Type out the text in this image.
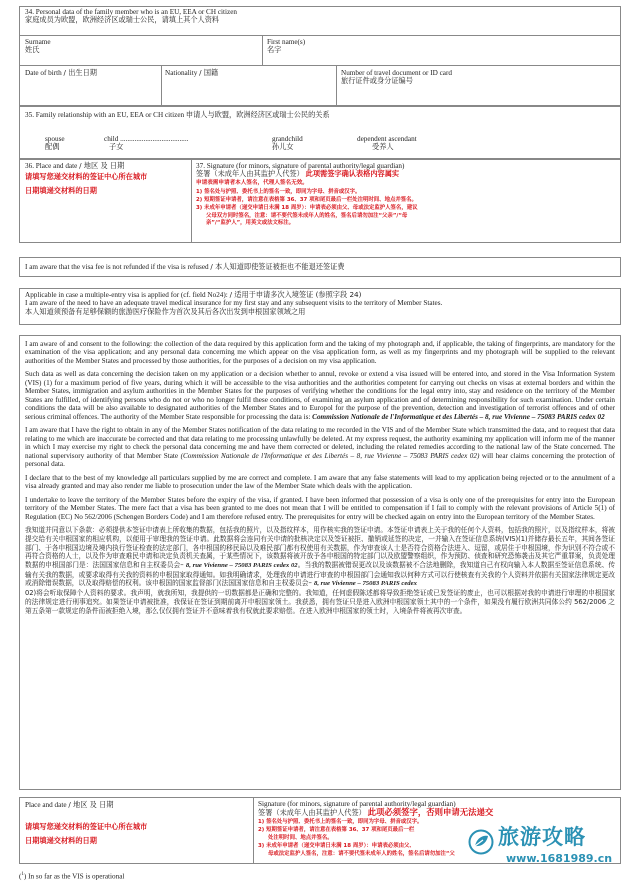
34. Personal data of the family member who is an EU, EEA or CH citizen
家庭成员为欧盟，欧洲经济区或瑞士公民，请填上其个人资料
Surname
姓氏
First name(s)
名字
Date of birth / 出生日期	Nationality / 国籍	Number of travel document or ID card
旅行证件或身分证编号
35. Family relationship with an EU, EEA or CH citizen 申请人与欧盟，欧洲经济区或瑞士公民的关系
spouse
配偶
child ......................................
子女
grandchild
孙儿女
dependent ascendant
受养人
36. Place and date / 地区 及 日期
请填写您递交材料的签证中心所在城市
日期填递交材料的日期
37. Signature (for minors, signature of parental authority/legal guardian)
签署（未成年人由其监护人代签） 此项需签字确认表格内容属实
申请表需申请者本人签名，代理人签名无效。
1) 签名处与护照、委托书上的签名一致，即同为字母、拼音或汉字。
2) 短期签证申请者，请注意在表格第 36、37 项和尾页最后一栏处注明时间、地点并签名。
3) 未成年申请者（递交申请日未满 18 周岁）：申请表必须由父、母或法定监护人签名，建议
父母双方同时签名，注意：请不要代签未成年人的姓名，签名后请勿加注“父亲”/“母
亲”/“监护人”，用英文或法文标注。
I am aware that the visa fee is not refunded if the visa is refused / 本人知道即使签证被拒也不能退还签证费
Applicable in case a multiple-entry visa is applied for (cf. field No24): / 适用于申请多次入境签证 (参照字段 24)
I am aware of the need to have an adequate travel medical insurance for my first stay and any subsequent visits to the territory of Member States.
本人知道须预备有足够保额的旅游医疗保险作为首次及其后各次出发到申根国家领域之用

I am aware of and consent to the following: the collection of the data required by this application form and the taking of my photograph and, if applicable, the taking of fingerprints, are mandatory for the examination of the visa application; and any personal data concerning me which appear on the visa application form, as well as my fingerprints and my photograph will be supplied to the relevant authorities of the Member States and processed by those authorities, for the purposes of a decision on my visa application.

Such data as well as data concerning the decision taken on my application or a decision whether to annul, revoke or extend a visa issued will be entered into, and stored in the Visa Information System (VIS) (1) for a maximum period of five years, during which it will be accessible to the visa authorities and the authorities competent for carrying out checks on visas at external borders and within the Member States, immigration and asylum authorities in the Member States for the purposes of verifying whether the conditions for the legal entry into, stay and residence on the territory of the Member States are fulfilled, of identifying persons who do not or who no longer fulfil these conditions, of examining an asylum application and of determining responsibility for such examination. Under certain conditions the data will be also available to designated authorities of the Member States and to Europol for the purpose of the prevention, detection and investigation of terrorist offences and of other serious criminal offences. The authority of the Member State responsible for processing the data is: Commission Nationale de l'Informatique et des Libertés – 8, rue Vivienne – 75083 PARIS cedex 02

I am aware that I have the right to obtain in any of the Member States notification of the data relating to me recorded in the VIS and of the Member State which transmitted the data, and to request that data relating to me which are inaccurate be corrected and that data relating to me processing unlawfully be deleted. At my express request, the authority examining my application will inform me of the manner in which I may exercise my right to check the personal data concerning me and have them corrected or deleted, including the related remedies according to the national law of the State concerned. The national supervisory authority of that Member State (Commission Nationale de l'Informatique et des Libertés – 8, rue Vivienne – 75083 PARIS cedex 02) will hear claims concerning the protection of personal data.

I declare that to the best of my knowledge all particulars supplied by me are correct and complete. I am aware that any false statements will lead to my application being rejected or to the annulment of a visa already granted and may also render me liable to prosecution under the law of the Member State which deals with the application.

I undertake to leave the territory of the Member States before the expiry of the visa, if granted. I have been informed that possession of a visa is only one of the prerequisites for entry into the European territory of the Member States. The mere fact that a visa has been granted to me does not mean that I will be entitled to compensation if I fail to comply with the relevant provisions of Article 5(1) of Regulation (EC) No 562/2006 (Schengen Borders Code) and I am therefore refused entry. The prerequisites for entry will be checked again on entry into the European territory of the Member States.

我知道并同意以下条款：必须提供本签证申请表上所收集的数据，包括我的照片，以及指纹样本，用作核实我的签证申请。本签证申请表上关于我的任何个人资料，包括我的照片，以及指纹样本，将被提交给有关申根国家的相应机构，以便用于审理我的签证申请。此数据将会连同有关申请的批核决定以及签证被拒、撤销或延签的决定，一并输入在签证信息系统(VIS)(1)并储存最长五年，其间各签证部门、于各申根国边境及境内执行签证检查的法定部门，各申根国的移民局以及难民部门都有权使用有关数据，作为审查该人士是否符合资格合法进入、逗留，或居住于申根国境，作为识别不符合或不再符合资格的人士，以及作为审查难民申请和决定负责机关查属，于某些情况下，该数据将被开放予各申根国的特定部门以及欧盟警察组织，作为预防、侦查和研究恐怖袭击及其它严重罪案，负责处理数据的申根国部门是：法国国家信息和自主权委员会– 8, rue Vivienne – 75083 PARIS cedex 02。当我的数据被错误更改以及该数据被不合法地删除，我知道自己有权向输入本人数据至签证信息系统、传输有关我的数据，或要求取得有关我的资料的申根国家取得通知。如我明确请求，处理我的申请进行审查的申根国部门会通知我以何种方式可以行使核查有关我的个人资料并依据有关国家法律规定更改或消除错误数据，以及取得赔偿的权利。该申根国的国家监督部门(法国国家信息和自主权委员会– 8, rue Vivienne – 75083 PARIS cedex
02)将会听取保障个人资料的要求。我声明，就我所知，我提供的一切数据都是正确和完整的。我知道，任何虚假陈述都将导致拒绝签证或已发签证的废止，也可以根据对我的申请进行审理的申根国家的法律规定进行刑事追究。如果签证申请被批准，我保证在签证到期前离开申根国家领土。我获悉，拥有签证只是进入欧洲申根国家领土其中的一个条件，如果没有履行欧洲共同体公约 562/2006 之第五条第一款规定的条件而被拒绝入境，那么仅仅拥有签证并不意味着我有权就此要求赔偿。在进入欧洲申根国家的领土时，入境条件将被再次审查。

Place and date / 地区 及 日期
请填写您递交材料的签证中心所在城市
日期填递交材料的日期
Signature (for minors, signature of parental authority/legal guardian)
签署（未成年人由其监护人代签） 此项必须签字，否则申请无法递交
1) 签名处与护照、委托书上的签名一致，即同为字母、拼音或汉字。
2) 短期签证申请者，请注意在表格第 36、37 项和尾页最后一栏
处注明时间、地点并签名。
3) 未成年申请者（递交申请日未满 18 周岁）：申请表必须由父、
母或法定监护人签名，注意：请不要代签未成年人的姓名，签名后请勿加注“父
($^1$) In so far as the VIS is operational
旅游攻略
www.1681989.cn
